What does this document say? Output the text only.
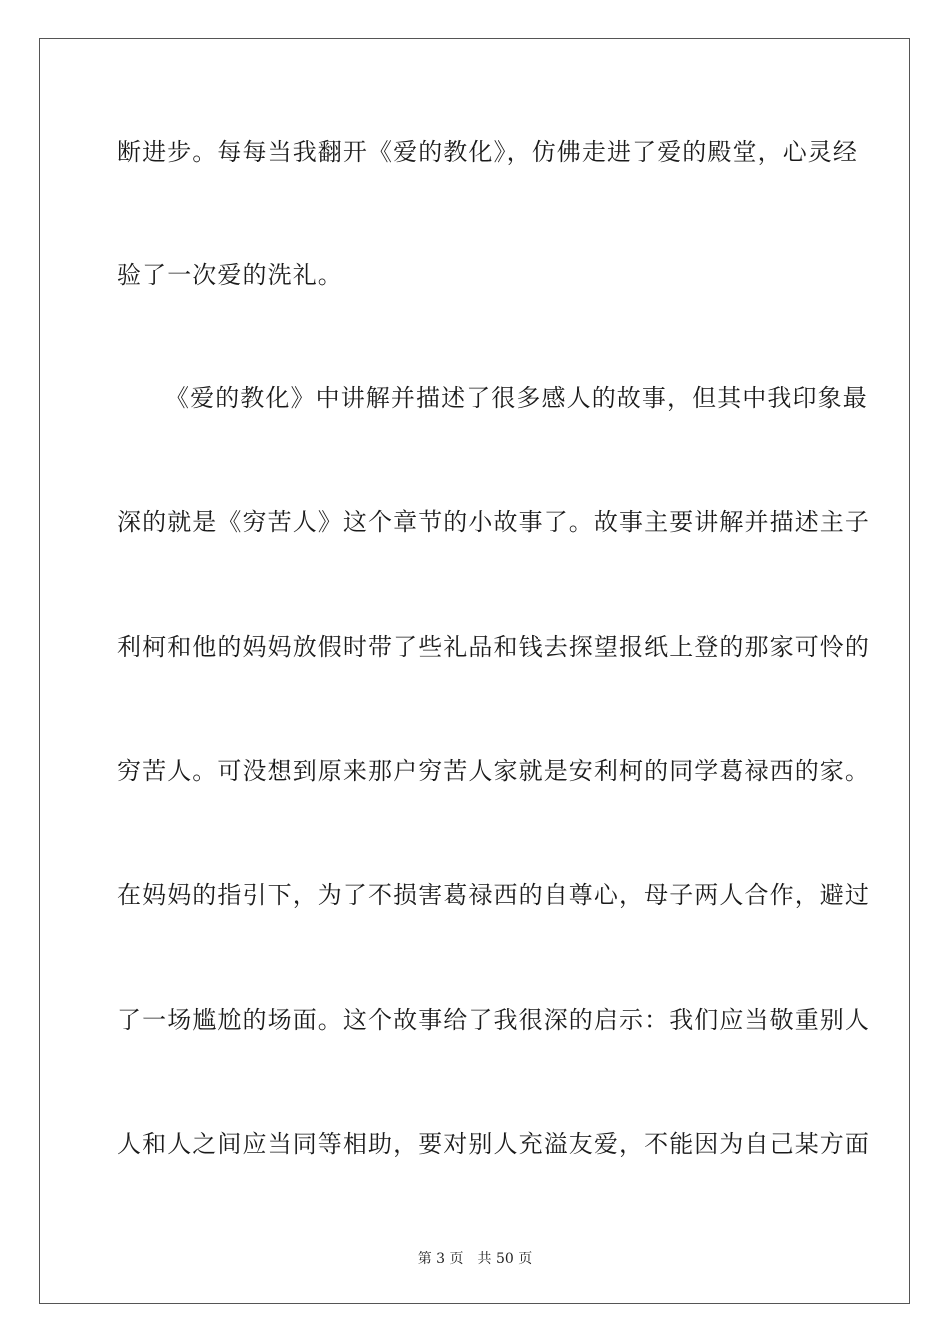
断进步。每每当我翻开《爱的教化》，仿佛走进了爱的殿堂，心灵经
验了一次爱的洗礼。
《爱的教化》中讲解并描述了很多感人的故事，但其中我印象最
深的就是《穷苦人》这个章节的小故事了。故事主要讲解并描述主子
利柯和他的妈妈放假时带了些礼品和钱去探望报纸上登的那家可怜的
穷苦人。可没想到原来那户穷苦人家就是安利柯的同学葛禄西的家。
在妈妈的指引下，为了不损害葛禄西的自尊心，母子两人合作，避过
了一场尴尬的场面。这个故事给了我很深的启示：我们应当敬重别人
人和人之间应当同等相助，要对别人充溢友爱，不能因为自己某方面
第 3 页 共 50 页
